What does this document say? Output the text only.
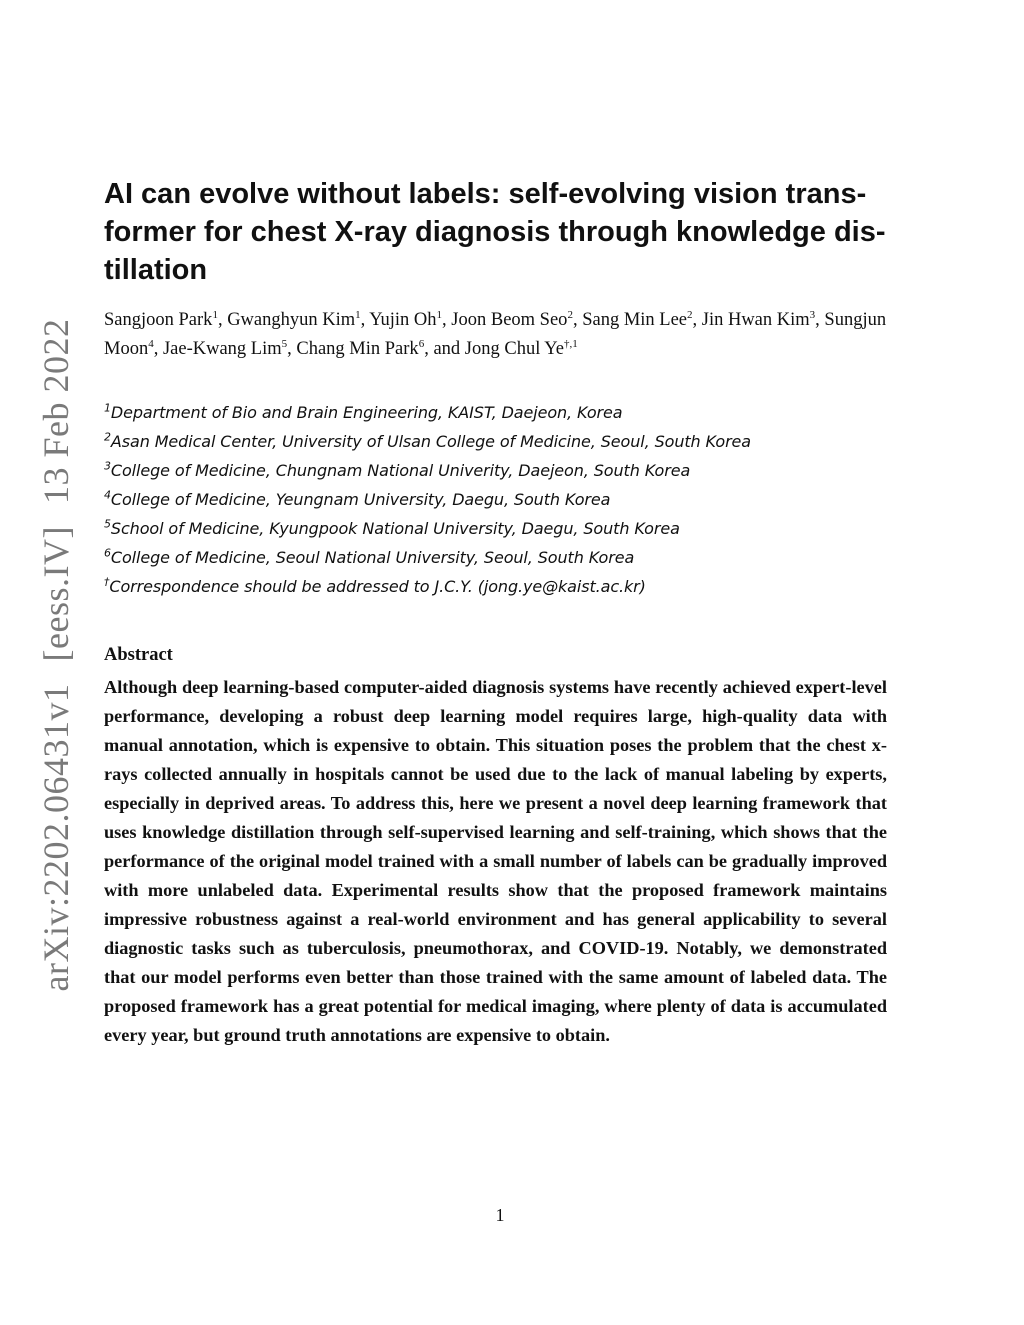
arXiv:2202.06431v1[eess.IV]13 Feb 2022
AI can evolve without labels: self-evolving vision transformer for chest X-ray diagnosis through knowledge distillation
Sangjoon Park$^1$, Gwanghyun Kim$^1$, Yujin Oh$^1$, Joon Beom Seo$^2$, Sang Min Lee$^2$, Jin Hwan Kim$^3$, Sungjun Moon$^4$, Jae-Kwang Lim$^5$, Chang Min Park$^6$, and Jong Chul $Ye^{\dagger,1}$
$^1$Department of Bio and Brain Engineering, KAIST, Daejeon, Korea
$^2$Asan Medical Center, University of Ulsan College of Medicine, Seoul, South Korea
$^3$College of Medicine, Chungnam National Univerity, Daejeon, South Korea
$^4$College of Medicine, Yeungnam University, Daegu, South Korea
$^5$School of Medicine, Kyungpook National University, Daegu, South Korea
$^6$College of Medicine, Seoul National University, Seoul, South Korea
†Correspondence should be addressed to J.C.Y. (jong.ye@kaist.ac.kr)
Abstract

Although deep learning-based computer-aided diagnosis systems have recently achieved expert-level performance, developing a robust deep learning model requires large, high-quality data with manual annotation, which is expensive to obtain. This situation poses the problem that the chest x-rays collected annually in hospitals cannot be used due to the lack of manual labeling by experts, especially in deprived areas. To address this, here we present a novel deep learning framework that uses knowledge distillation through self-supervised learning and self-training, which shows that the performance of the original model trained with a small number of labels can be gradually improved with more unlabeled data. Experimental results show that the proposed framework maintains impressive robustness against a real-world environment and has general applicability to several diagnostic tasks such as tuberculosis, pneumothorax, and COVID-19. Notably, we demonstrated that our model performs even better than those trained with the same amount of labeled data. The proposed framework has a great potential for medical imaging, where plenty of data is accumulated every year, but ground truth annotations are expensive to obtain.

1
